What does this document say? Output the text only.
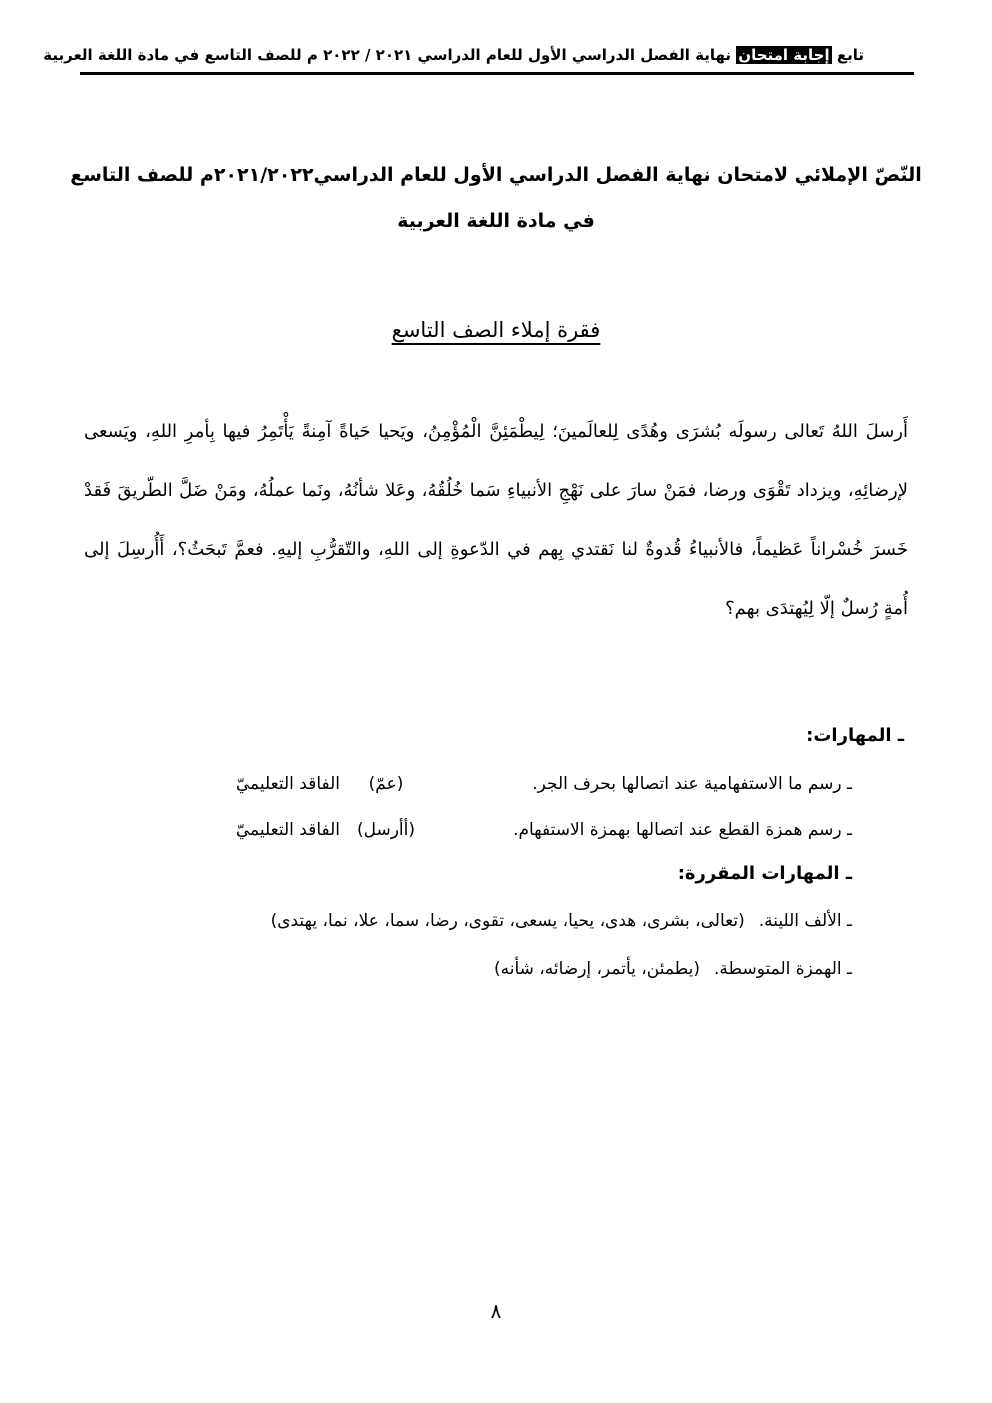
تابع إجابة امتحان نهاية الفصل الدراسي الأول للعام الدراسي ٢٠٢١ / ٢٠٢٢ م للصف التاسع في مادة اللغة العربية
النّصّ الإملائي لامتحان نهاية الفصل الدراسي الأول للعام الدراسي٢٠٢١/٢٠٢٢م للصف التاسع
في مادة اللغة العربية
فقرة إملاء الصف التاسع

أَرسلَ اللهُ تَعالى رسولَه بُشرَى وهُدًى لِلعالَمينَ؛ لِيطْمَئِنَّ الْمُؤْمِنُ، ويَحيا حَياةً آمِنةً يَأْتَمِرُ فيها بِأمرِ اللهِ، ويَسعى لإرضائِهِ، ويزداد تَقْوَى ورضا، فمَنْ سارَ على نَهْجِ الأنبياءِ سَما خُلُقُهُ، وعَلا شأنُهُ، ونَما عملُهُ، ومَنْ ضَلَّ الطّريقَ فَقدْ خَسرَ خُسْراناً عَظيماً، فالأنبياءُ قُدوةٌ لنا نَقتدي بِهم في الدّعوةِ إلى اللهِ، والتّقرُّبِ إليهِ. فعمَّ تَبحَثُ؟، أَأُرسِلَ إلى أُمةٍ رُسلٌ إلّا لِيُهتدَى بهم؟

ـ المهارات:
ـ رسم ما الاستفهامية عند اتصالها بحرف الجر.(عمّ)الفاقد التعليميّ
ـ رسم همزة القطع عند اتصالها بهمزة الاستفهام.(أأرسل)الفاقد التعليميّ
ـ المهارات المقررة:
ـ الألف اللينة.(تعالى، بشرى، هدى، يحيا، يسعى، تقوى، رضا، سما، علا، نما، يهتدى)
ـ الهمزة المتوسطة.(يطمئن، يأتمر، إرضائه، شأنه)
٨
